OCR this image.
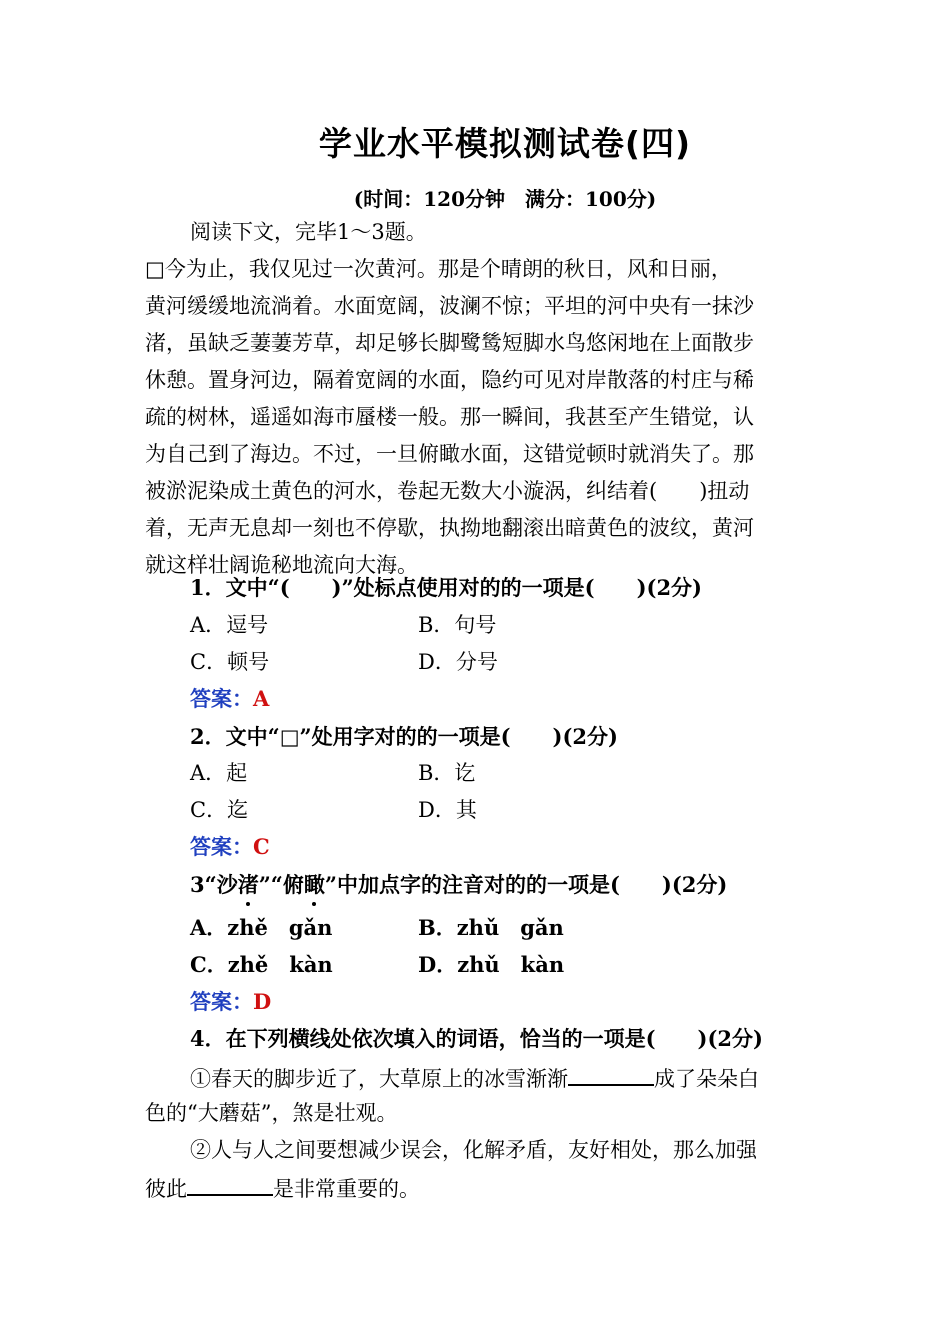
学业水平模拟测试卷(四)
(时间：120分钟　满分：100分)
阅读下文，完毕1～3题。
□今为止，我仅见过一次黄河。那是个晴朗的秋日，风和日丽，
黄河缓缓地流淌着。水面宽阔，波澜不惊；平坦的河中央有一抹沙
渚，虽缺乏萋萋芳草，却足够长脚鹭鸶短脚水鸟悠闲地在上面散步
休憩。置身河边，隔着宽阔的水面，隐约可见对岸散落的村庄与稀
疏的树林，遥遥如海市蜃楼一般。那一瞬间，我甚至产生错觉，认
为自己到了海边。不过，一旦俯瞰水面，这错觉顿时就消失了。那
被淤泥染成土黄色的河水，卷起无数大小漩涡，纠结着(　　)扭动
着，无声无息却一刻也不停歇，执拗地翻滚出暗黄色的波纹，黄河
就这样壮阔诡秘地流向大海。
1．文中“(　　)”处标点使用对的的一项是(　　)(2分)
A．逗号	B．句号
C．顿号	D．分号
答案：A
2．文中“□”处用字对的的一项是(　　)(2分)
A．起	B．讫
C．迄	D．其
答案：C
3“沙渚”“俯瞰”中加点字的注音对的的一项是(　　)(2分)
A．zhě　gǎn	B．zhǔ　gǎn
C．zhě　kàn	D．zhǔ　kàn
答案：D
4．在下列横线处依次填入的词语，恰当的一项是(　　)(2分)
①春天的脚步近了，大草原上的冰雪渐渐	成了朵朵白
色的“大蘑菇”，煞是壮观。
②人与人之间要想减少误会，化解矛盾，友好相处，那么加强
彼此	是非常重要的。
